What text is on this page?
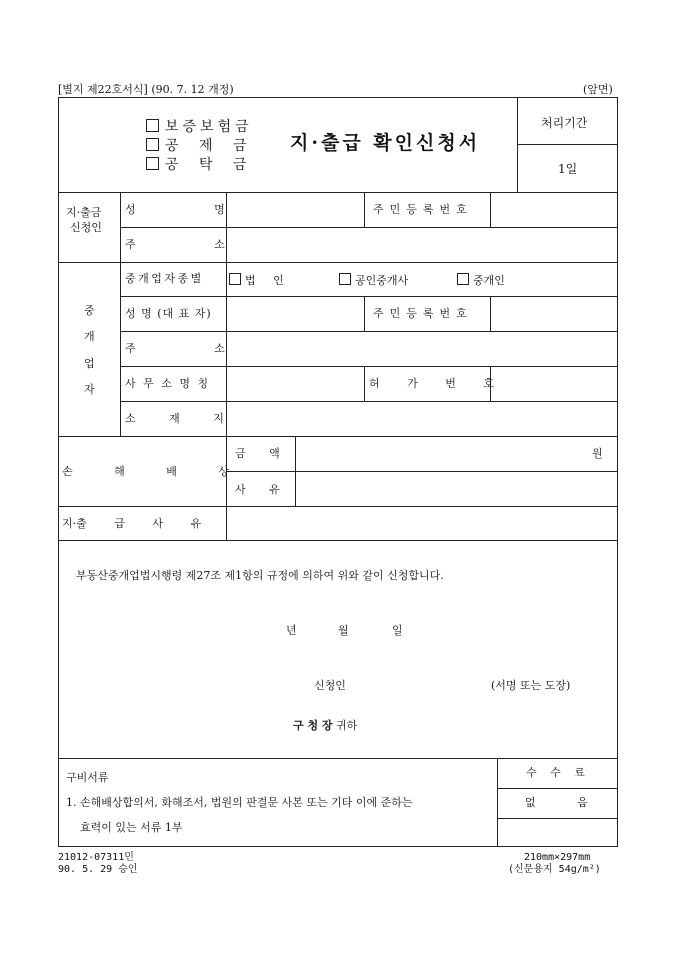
[별지 제22호서식] (90. 7. 12 개정)	(앞면)
보증보험금
공 제 금
공 탁 금
지·출급 확인신청서
처리기간
1일
지·출금
신청인
성 명	주민등록번호
주 소
중
개
업
자
중개업자종별	법 인	공인중개사	중개인
성 명 (대 표 자)	주민등록번호
주 소
사 무 소 명 칭	허 가 번 호
소 재 지
손 해 배 상
금 액	원
사 유
지·출 급 사 유
부동산중개업법시행령 제27조 제1항의 규정에 의하여 위와 같이 신청합니다.
년	월	일
신청인	(서명 또는 도장)
구 청 장 귀하
구비서류
1. 손해배상합의서, 화해조서, 법원의 판결문 사본 또는 기타 이에 준하는
효력이 있는 서류 1부
수 수 료
없 음
21012-07311민
90. 5. 29 승인
210mm×297mm
(신문용지 54g/m²)
